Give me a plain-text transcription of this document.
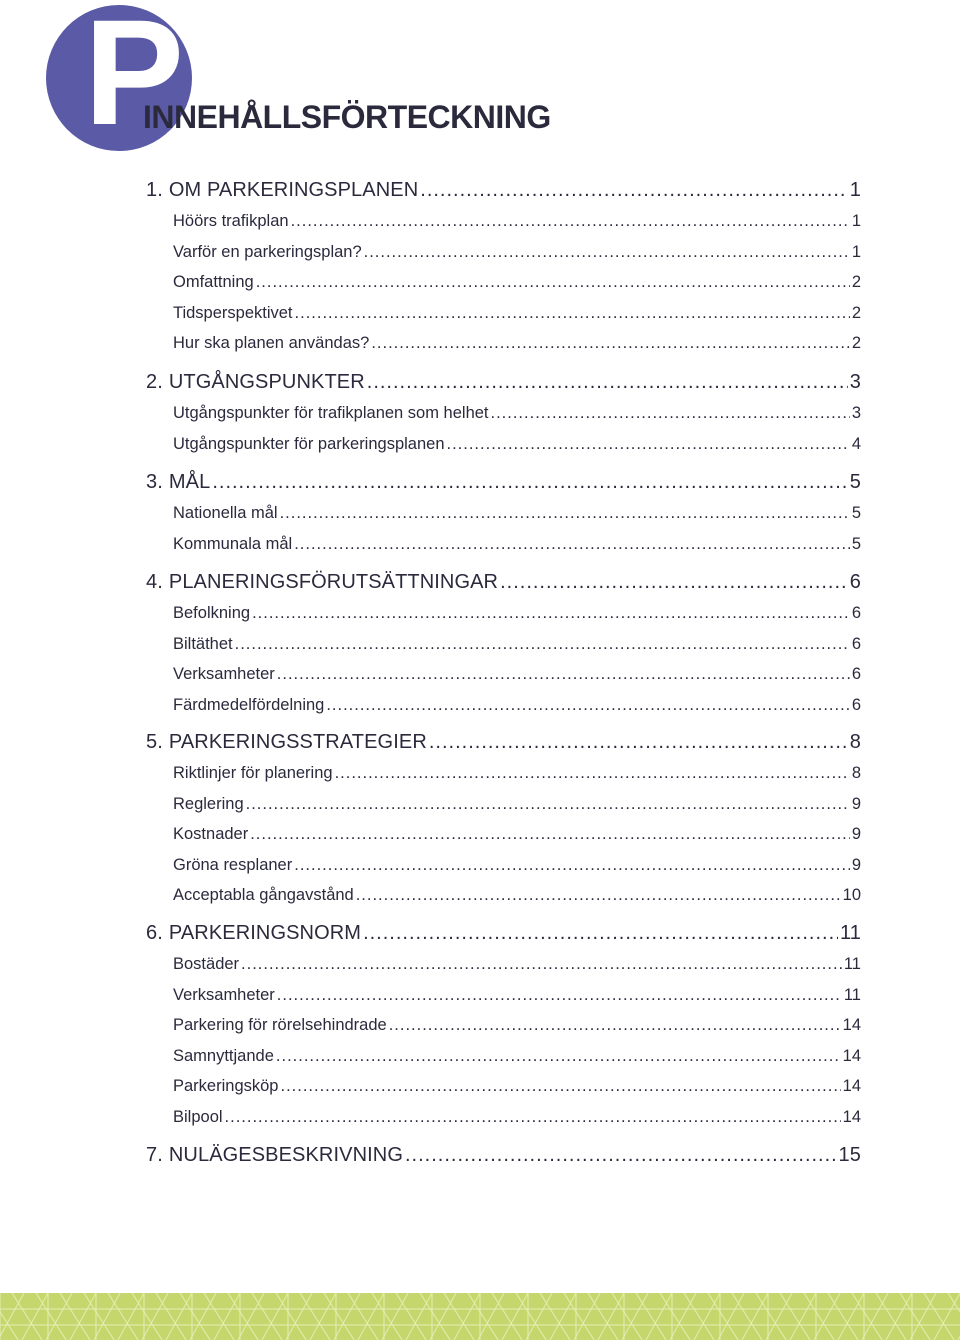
P
INNEHÅLLSFÖRTECKNING
1. OM PARKERINGSPLANEN .....	1
Höörs trafikplan .....	1
Varför en parkeringsplan? .....	1
Omfattning .....	2
Tidsperspektivet .....	2
Hur ska planen användas? .....	2
2. UTGÅNGSPUNKTER .....	3
Utgångspunkter för trafikplanen som helhet .....	3
Utgångspunkter för parkeringsplanen .....	4
3. MÅL .....	5
Nationella mål .....	5
Kommunala mål .....	5
4. PLANERINGSFÖRUTSÄTTNINGAR .....	6
Befolkning .....	6
Biltäthet .....	6
Verksamheter .....	6
Färdmedelfördelning .....	6
5. PARKERINGSSTRATEGIER .....	8
Riktlinjer för planering .....	8
Reglering .....	9
Kostnader .....	9
Gröna resplaner .....	9
Acceptabla gångavstånd .....	10
6. PARKERINGSNORM .....	11
Bostäder .....	11
Verksamheter .....	11
Parkering för rörelsehindrade .....	14
Samnyttjande .....	14
Parkeringsköp .....	14
Bilpool .....	14
7. NULÄGESBESKRIVNING .....	15
